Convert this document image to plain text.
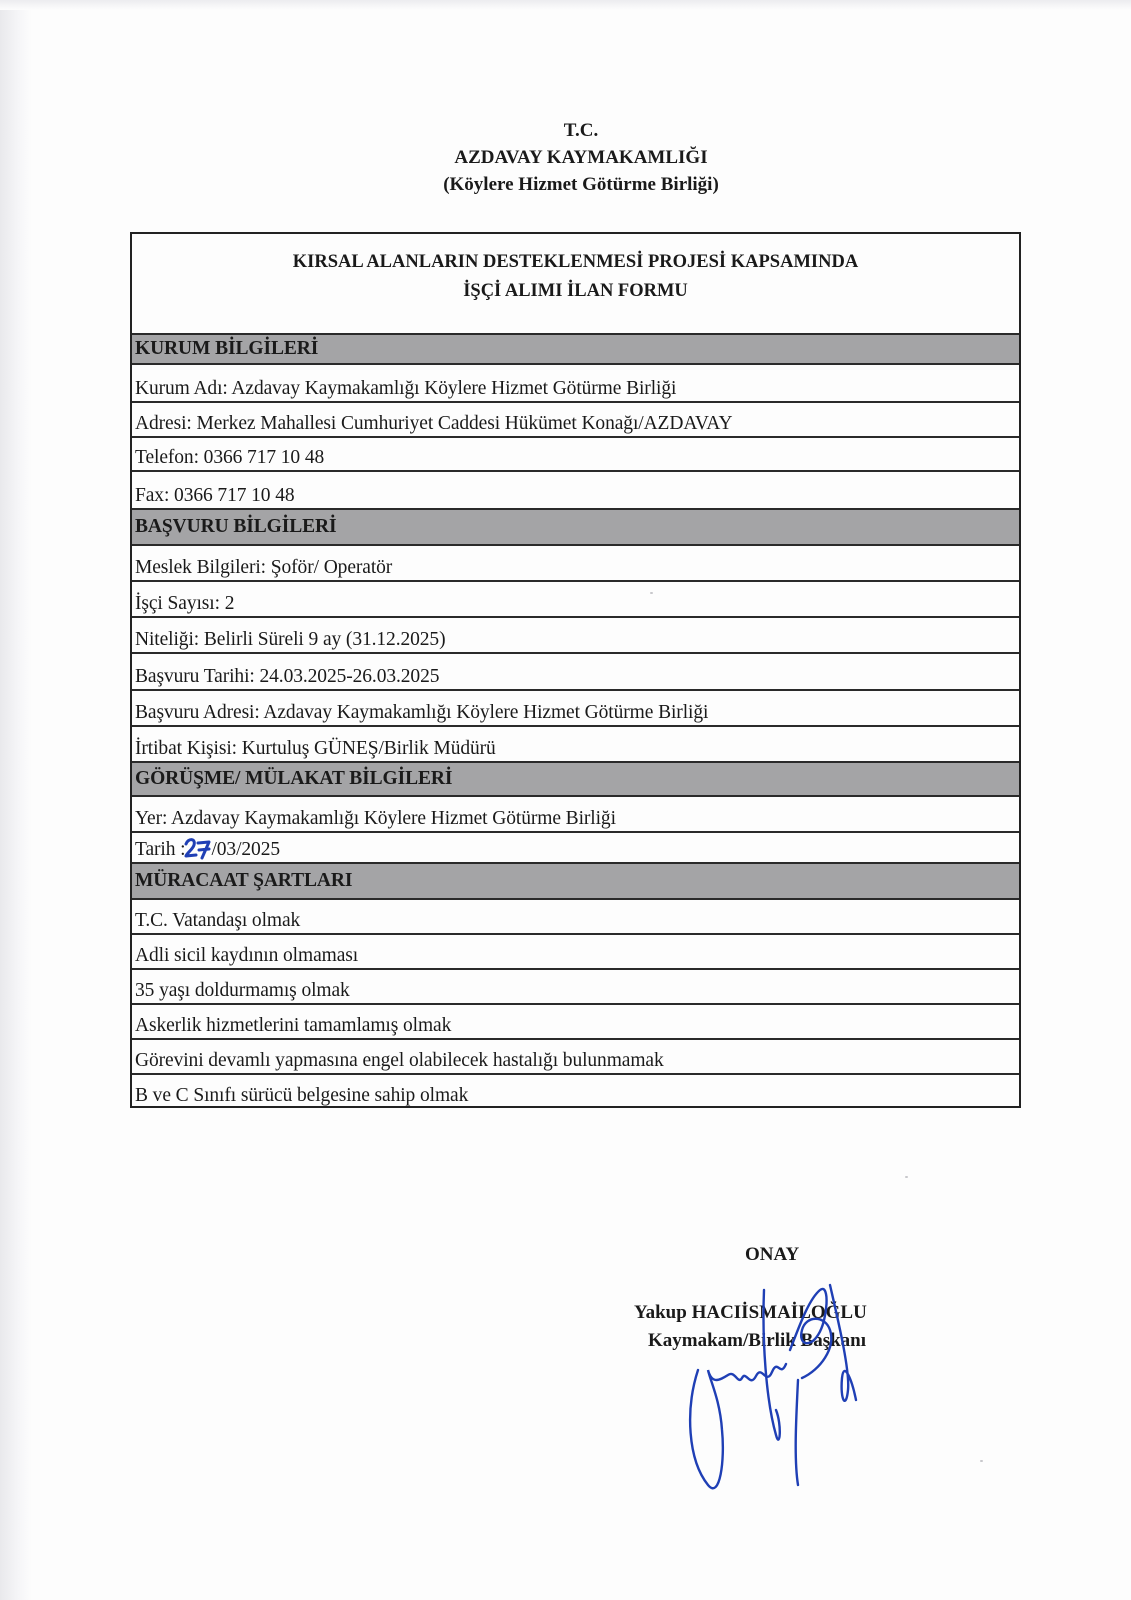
T.C.
AZDAVAY KAYMAKAMLIĞI
(Köylere Hizmet Götürme Birliği)
KIRSAL ALANLARIN DESTEKLENMESİ PROJESİ KAPSAMINDA
İŞÇİ ALIMI İLAN FORMU
KURUM BİLGİLERİ
Kurum Adı: Azdavay Kaymakamlığı Köylere Hizmet Götürme Birliği
Adresi: Merkez Mahallesi Cumhuriyet Caddesi Hükümet Konağı/AZDAVAY
Telefon: 0366 717 10 48
Fax: 0366 717 10 48
BAŞVURU BİLGİLERİ
Meslek Bilgileri: Şoför/ Operatör
İşçi Sayısı: 2
Niteliği: Belirli Süreli 9 ay (31.12.2025)
Başvuru Tarihi: 24.03.2025-26.03.2025
Başvuru Adresi: Azdavay Kaymakamlığı Köylere Hizmet Götürme Birliği
İrtibat Kişisi: Kurtuluş GÜNEŞ/Birlik Müdürü
GÖRÜŞME/ MÜLAKAT BİLGİLERİ
Yer: Azdavay Kaymakamlığı Köylere Hizmet Götürme Birliği
Tarih : /03/2025
MÜRACAAT ŞARTLARI
T.C. Vatandaşı olmak
Adli sicil kaydının olmaması
35 yaşı doldurmamış olmak
Askerlik hizmetlerini tamamlamış olmak
Görevini devamlı yapmasına engel olabilecek hastalığı bulunmamak
B ve C Sınıfı sürücü belgesine sahip olmak
ONAY
Yakup HACIİSMAİLOĞLU
Kaymakam/Birlik Başkanı
